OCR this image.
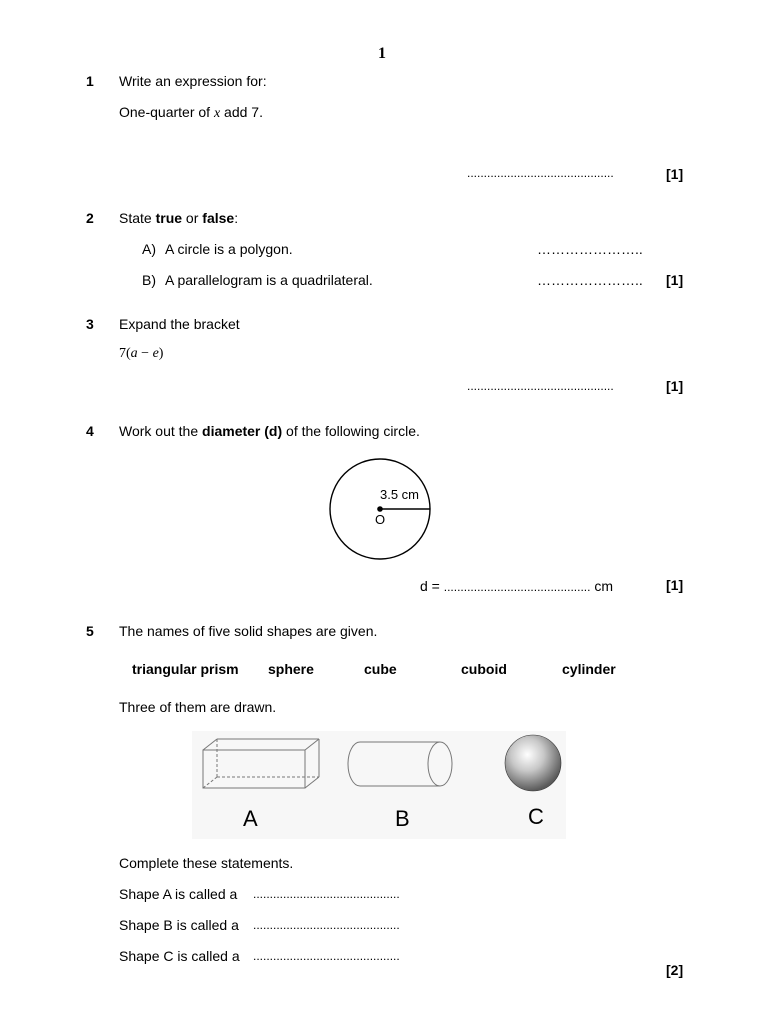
1
1 Write an expression for:
One-quarter of x add 7.
............................................	[1]
2 State true or false:
A) A circle is a polygon.	…………………..
B) A parallelogram is a quadrilateral.	………………….. [1]
3 Expand the bracket
7(a − e)
............................................	[1]
4 Work out the diameter (d) of the following circle.
3.5 cm
O
d = ............................................ cm	[1]
5 The names of five solid shapes are given.
triangular prism sphere	cube	cuboid	cylinder
Three of them are drawn.
A	B	C
Complete these statements.
Shape A is called a ............................................
Shape B is called a ............................................
Shape C is called a ............................................
[2]
